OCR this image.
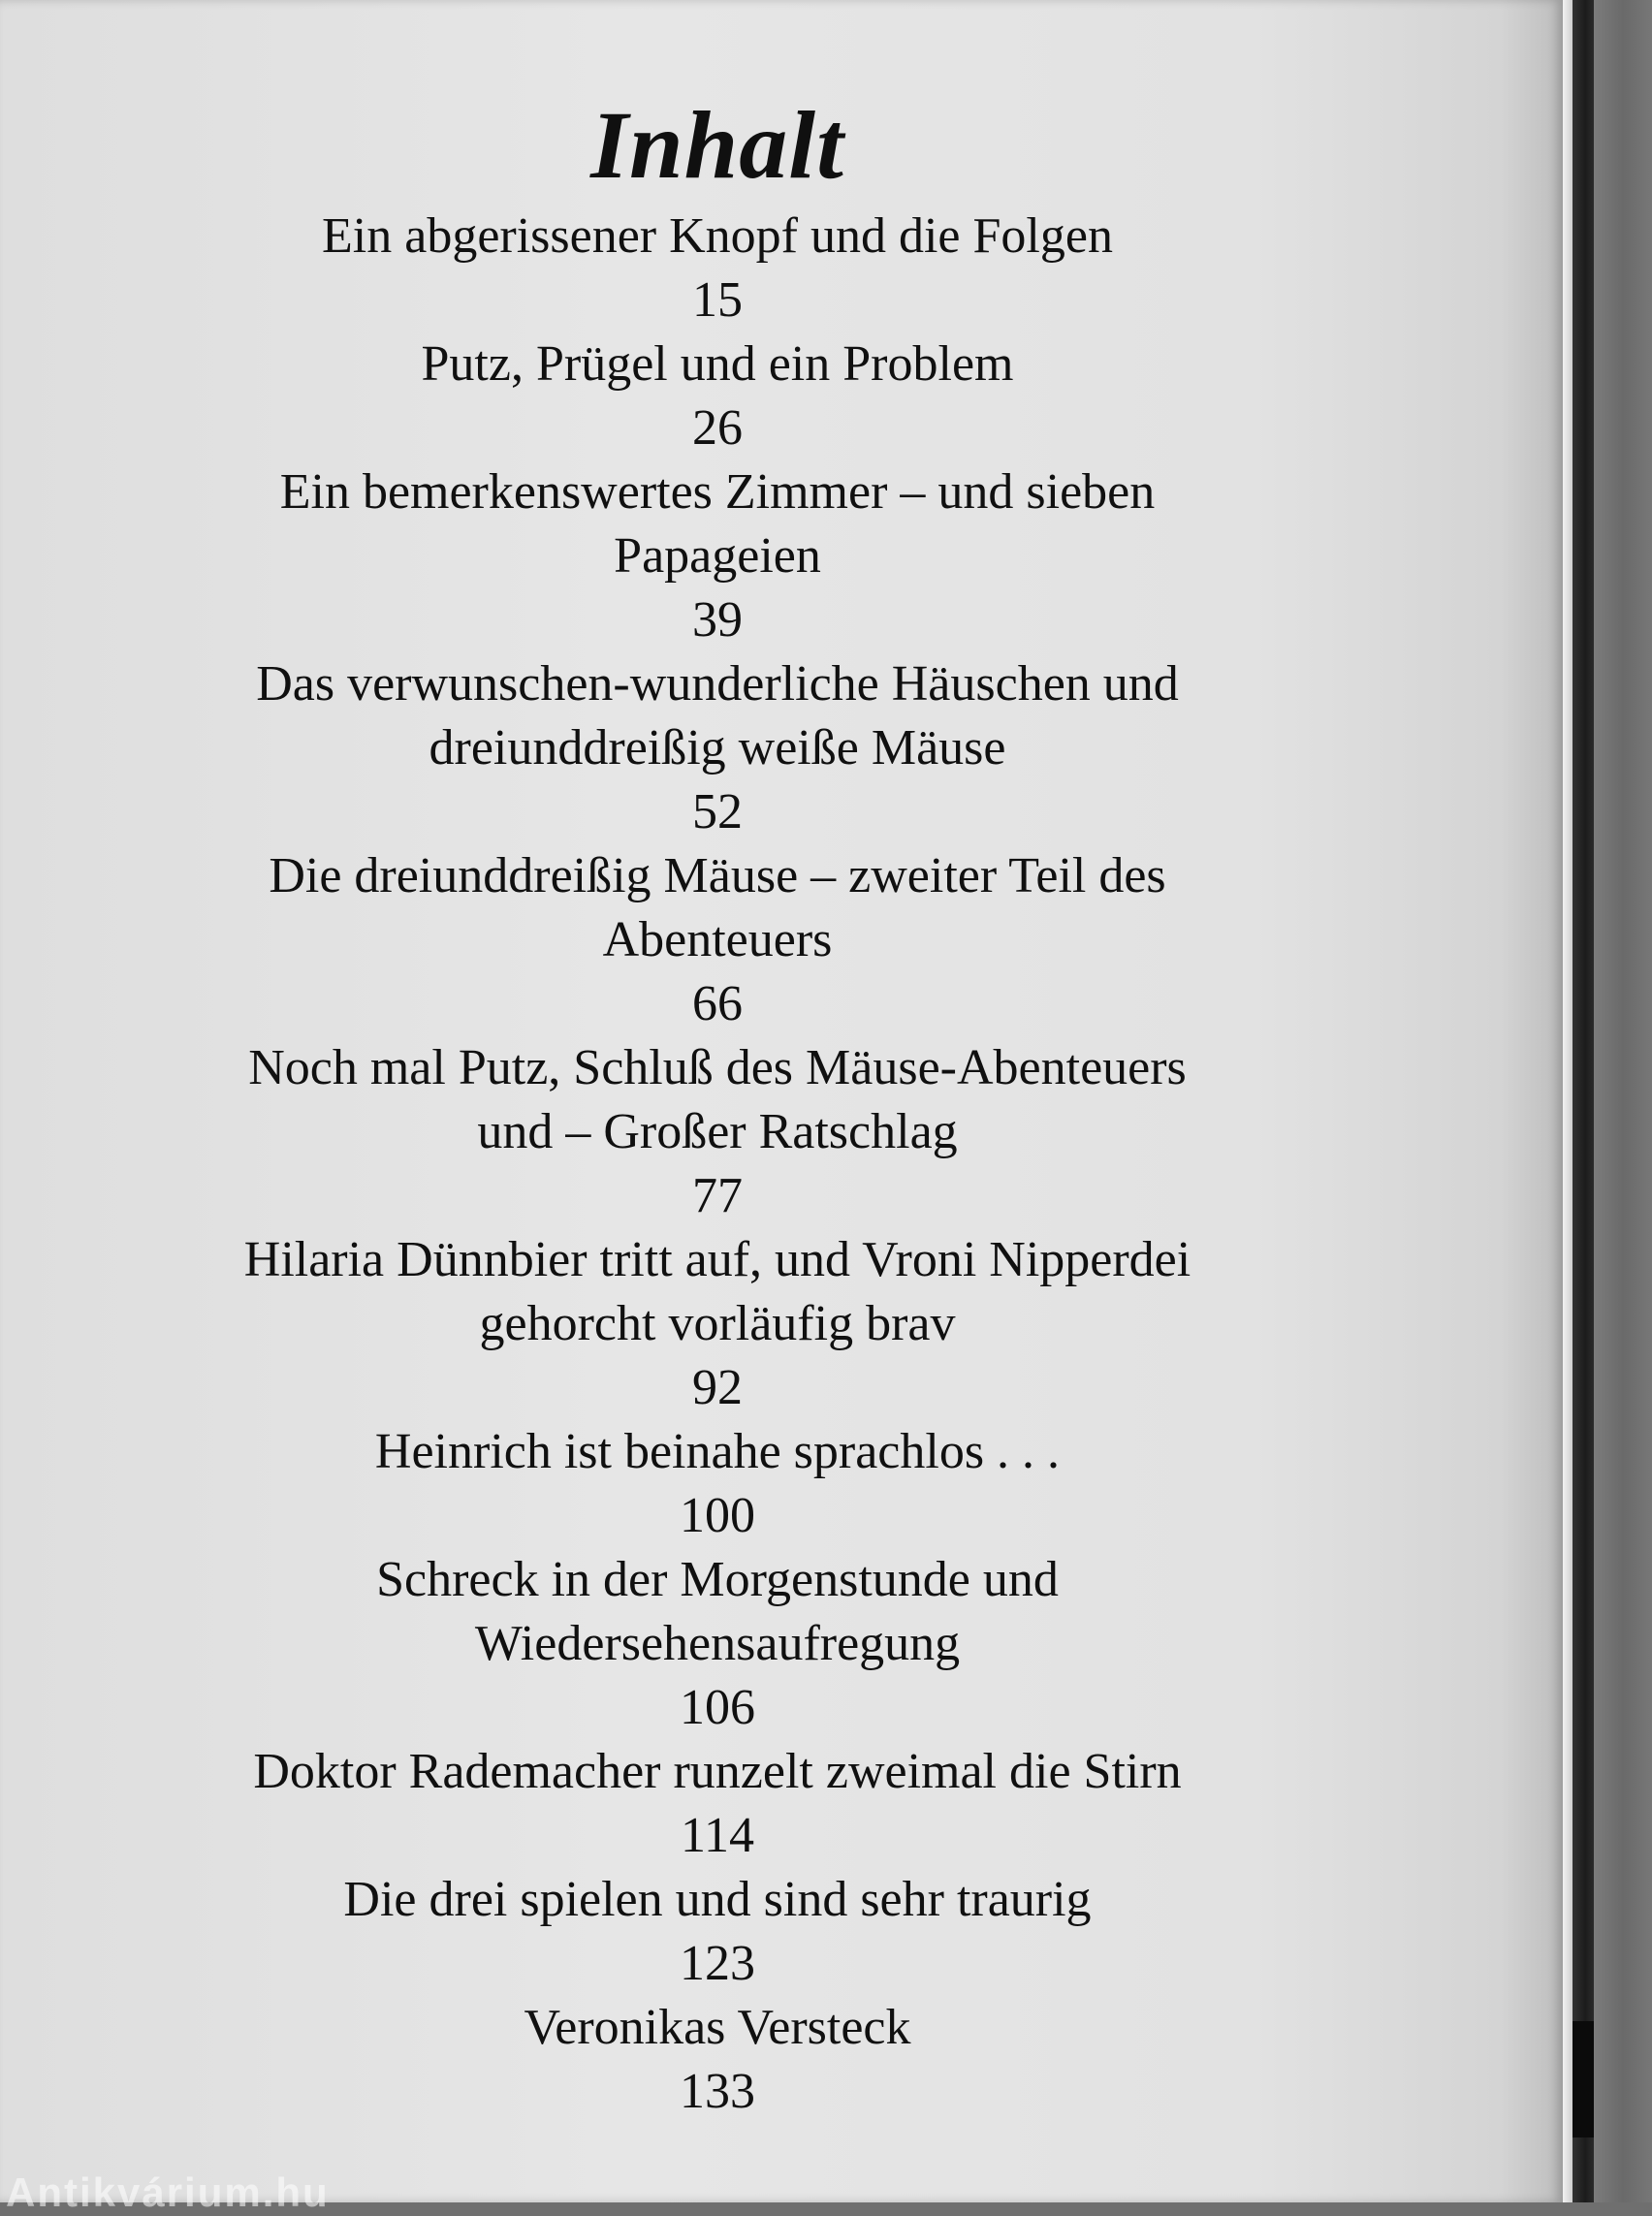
Inhalt
Ein abgerissener Knopf und die Folgen
15
Putz, Prügel und ein Problem
26
Ein bemerkenswertes Zimmer – und sieben
Papageien
39
Das verwunschen-wunderliche Häuschen und
dreiunddreißig weiße Mäuse
52
Die dreiunddreißig Mäuse – zweiter Teil des
Abenteuers
66
Noch mal Putz, Schluß des Mäuse-Abenteuers
und – Großer Ratschlag
77
Hilaria Dünnbier tritt auf, und Vroni Nipperdei
gehorcht vorläufig brav
92
Heinrich ist beinahe sprachlos . . .
100
Schreck in der Morgenstunde und
Wiedersehensaufregung
106
Doktor Rademacher runzelt zweimal die Stirn
114
Die drei spielen und sind sehr traurig
123
Veronikas Versteck
133
Antikvárium.hu
